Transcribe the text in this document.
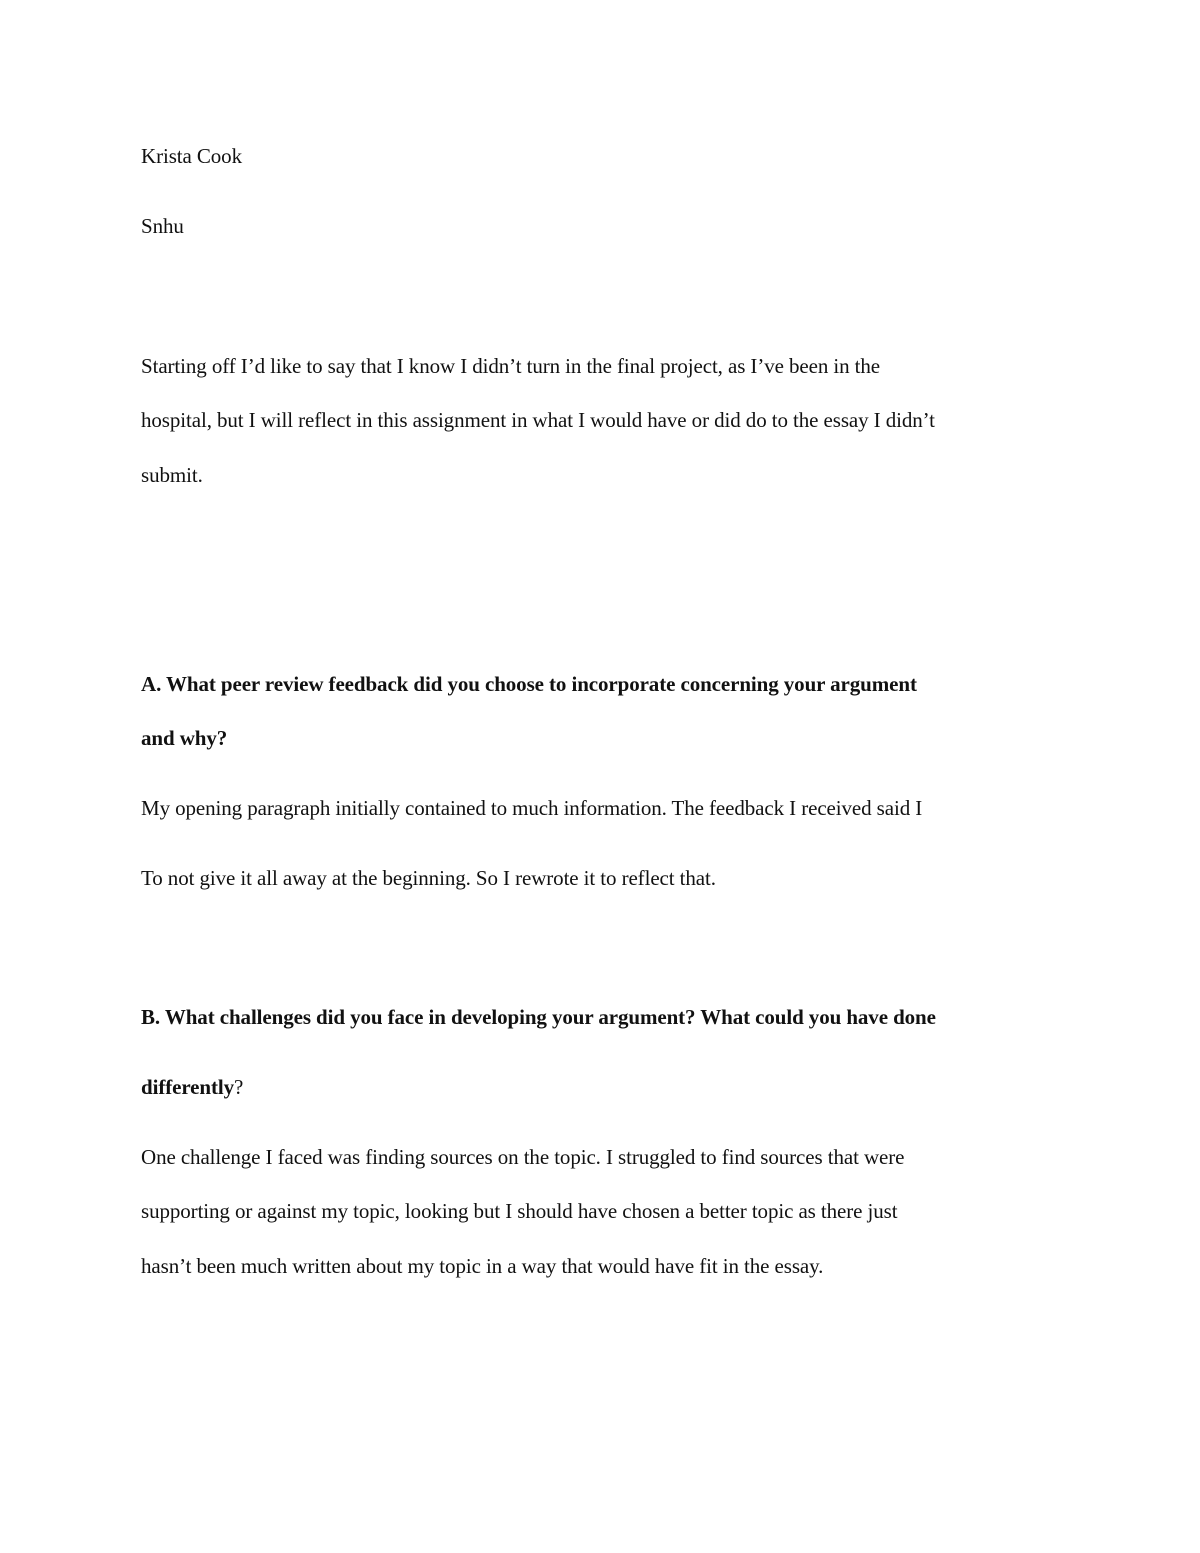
Krista Cook
Snhu
Starting off I’d like to say that I know I didn’t turn in the final project, as I’ve been in the
hospital, but I will reflect in this assignment in what I would have or did do to the essay I didn’t
submit.
A. What peer review feedback did you choose to incorporate concerning your argument
and why?
My opening paragraph initially contained to much information. The feedback I received said I
To not give it all away at the beginning. So I rewrote it to reflect that.
B. What challenges did you face in developing your argument? What could you have done
differently?
One challenge I faced was finding sources on the topic. I struggled to find sources that were
supporting or against my topic, looking but I should have chosen a better topic as there just
hasn’t been much written about my topic in a way that would have fit in the essay.
